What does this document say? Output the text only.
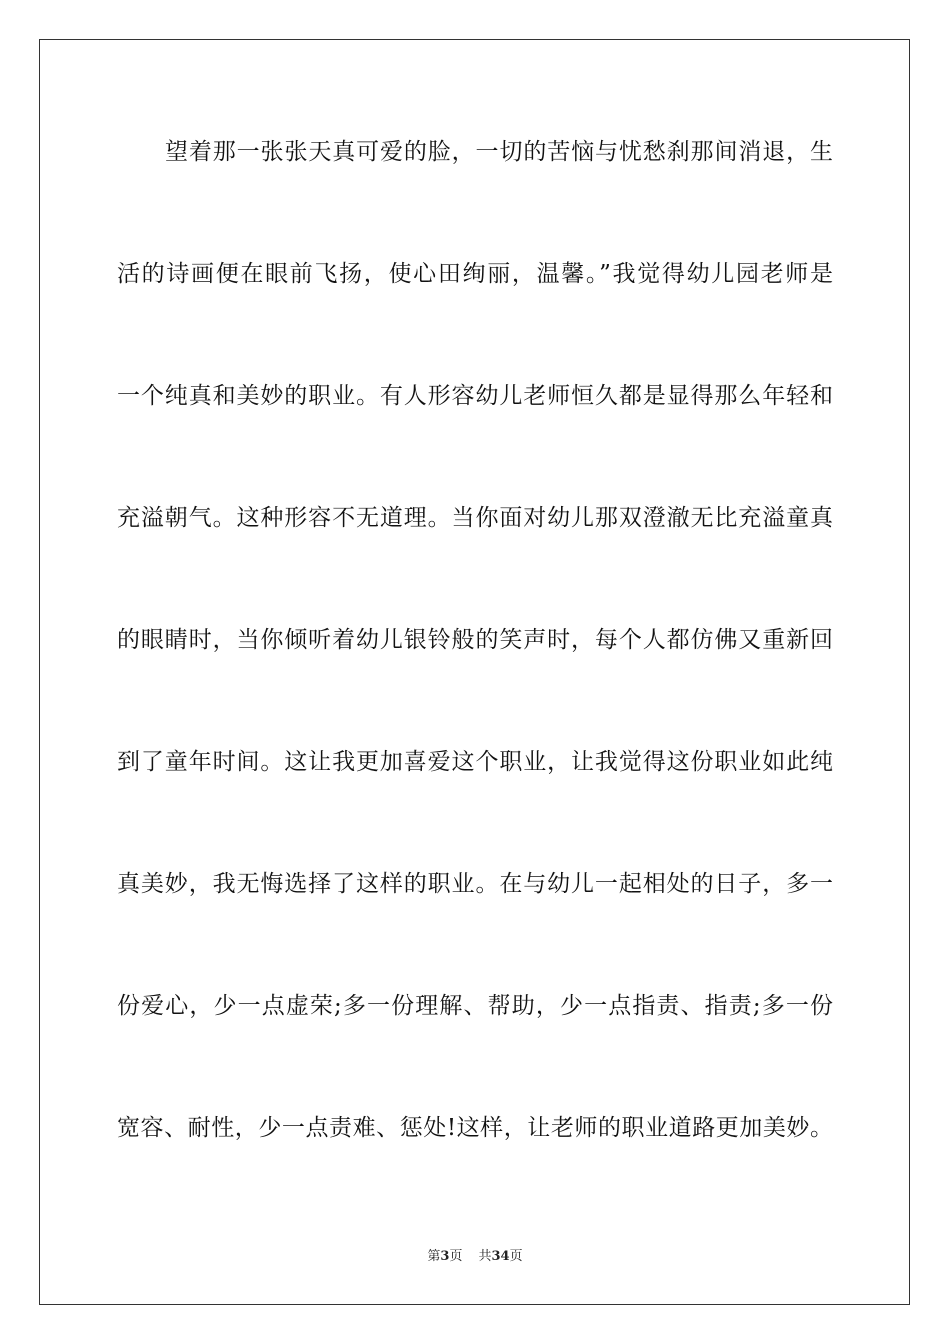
望着那一张张天真可爱的脸，一切的苦恼与忧愁刹那间消退，生
活的诗画便在眼前飞扬，使心田绚丽，温馨。”我觉得幼儿园老师是
一个纯真和美妙的职业。有人形容幼儿老师恒久都是显得那么年轻和
充溢朝气。这种形容不无道理。当你面对幼儿那双澄澈无比充溢童真
的眼睛时，当你倾听着幼儿银铃般的笑声时，每个人都仿佛又重新回
到了童年时间。这让我更加喜爱这个职业，让我觉得这份职业如此纯
真美妙，我无悔选择了这样的职业。在与幼儿一起相处的日子，多一
份爱心，少一点虚荣;多一份理解、帮助，少一点指责、指责;多一份
宽容、耐性，少一点责难、惩处!这样，让老师的职业道路更加美妙。
第3页 共34页
